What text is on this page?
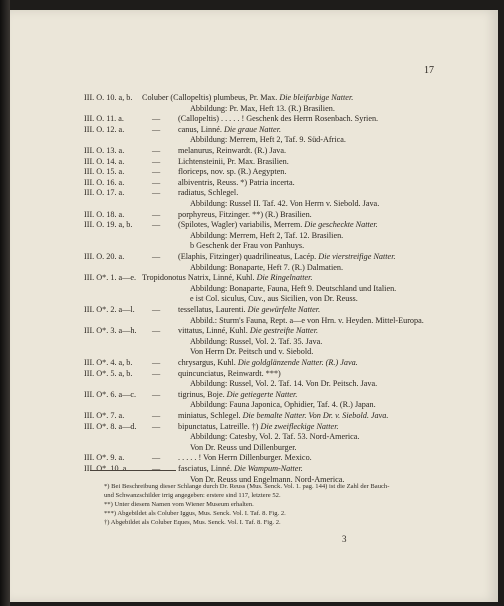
17
III. O. 10. a, b. Coluber (Callopeltis) plumbeus, Pr. Max. Die bleifarbige Natter.
Abbildung: Pr. Max, Heft 13. (R.) Brasilien.
III. O. 11. a.	— (Callopeltis) . . . . . ! Geschenk des Herrn Rosenbach. Syrien.
III. O. 12. a.	— canus, Linné. Die graue Natter.
Abbildung: Merrem, Heft 2, Taf. 9. Süd-Africa.
III. O. 13. a.	— melanurus, Reinwardt. (R.) Java.
III. O. 14. a.	— Lichtensteinii, Pr. Max. Brasilien.
III. O. 15. a.	— floriceps, nov. sp. (R.) Aegypten.
III. O. 16. a.	— albiventris, Reuss. *) Patria incerta.
III. O. 17. a.	— radiatus, Schlegel.
Abbildung: Russel II. Taf. 42. Von Herrn v. Siebold. Java.
III. O. 18. a.	— porphyreus, Fitzinger. **) (R.) Brasilien.
III. O. 19. a, b. — (Spilotes, Wagler) variabilis, Merrem. Die gescheckte Natter.
Abbildung: Merrem, Heft 2, Taf. 12. Brasilien.
b Geschenk der Frau von Panhuys.
III. O. 20. a.	— (Elaphis, Fitzinger) quadrilineatus, Lacép. Die vierstreifige Natter.
Abbildung: Bonaparte, Heft 7. (R.) Dalmatien.
III. O*. 1. a—e. Tropidonotus Natrix, Linné, Kuhl. Die Ringelnatter.
Abbildung: Bonaparte, Fauna, Heft 9. Deutschland und Italien.
e ist Col. siculus, Cuv., aus Sicilien, von Dr. Reuss.
III. O*. 2. a—l. — tessellatus, Laurenti. Die gewürfelte Natter.
Abbild.: Sturm's Fauna, Rept. a—e von Hrn. v. Heyden. Mittel-Europa.
III. O*. 3. a—h. — vittatus, Linné, Kuhl. Die gestreifte Natter.
Abbildung: Russel, Vol. 2. Taf. 35. Java.
Von Herrn Dr. Peitsch und v. Siebold.
III. O*. 4. a, b. — chrysargus, Kuhl. Die goldglänzende Natter. (R.) Java.
III. O*. 5. a, b. — quincunciatus, Reinwardt. ***)
Abbildung: Russel, Vol. 2. Taf. 14. Von Dr. Peitsch. Java.
III. O*. 6. a—c. — tigrinus, Boje. Die getiegerte Natter.
Abbildung: Fauna Japonica, Ophidier, Taf. 4. (R.) Japan.
III. O*. 7. a.	— miniatus, Schlegel. Die bemalte Natter. Von Dr. v. Siebold. Java.
III. O*. 8. a—d. — bipunctatus, Latreille. †) Die zweifleckige Natter.
Abbildung: Catesby, Vol. 2. Taf. 53. Nord-America.
Von Dr. Reuss und Dillenburger.
III. O*. 9. a.	— . . . . . ! Von Herrn Dillenburger. Mexico.
III. O*. 10. a.	— fasciatus, Linné. Die Wampum-Natter.
Von Dr. Reuss und Engelmann. Nord-America.
*) Bei Beschreibung dieser Schlange durch Dr. Reuss (Mus. Senck. Vol. 1. pag. 144) ist die Zahl der Bauch-
und Schwanzschilder irrig angegeben: erstere sind 117, letztere 52.
**) Unter diesem Namen vom Wiener Museum erhalten.
***) Abgebildet als Coluber Iggus, Mus. Senck. Vol. I. Taf. 8. Fig. 2.
†) Abgebildet als Coluber Eques, Mus. Senck. Vol. I. Taf. 8. Fig. 2.
3
